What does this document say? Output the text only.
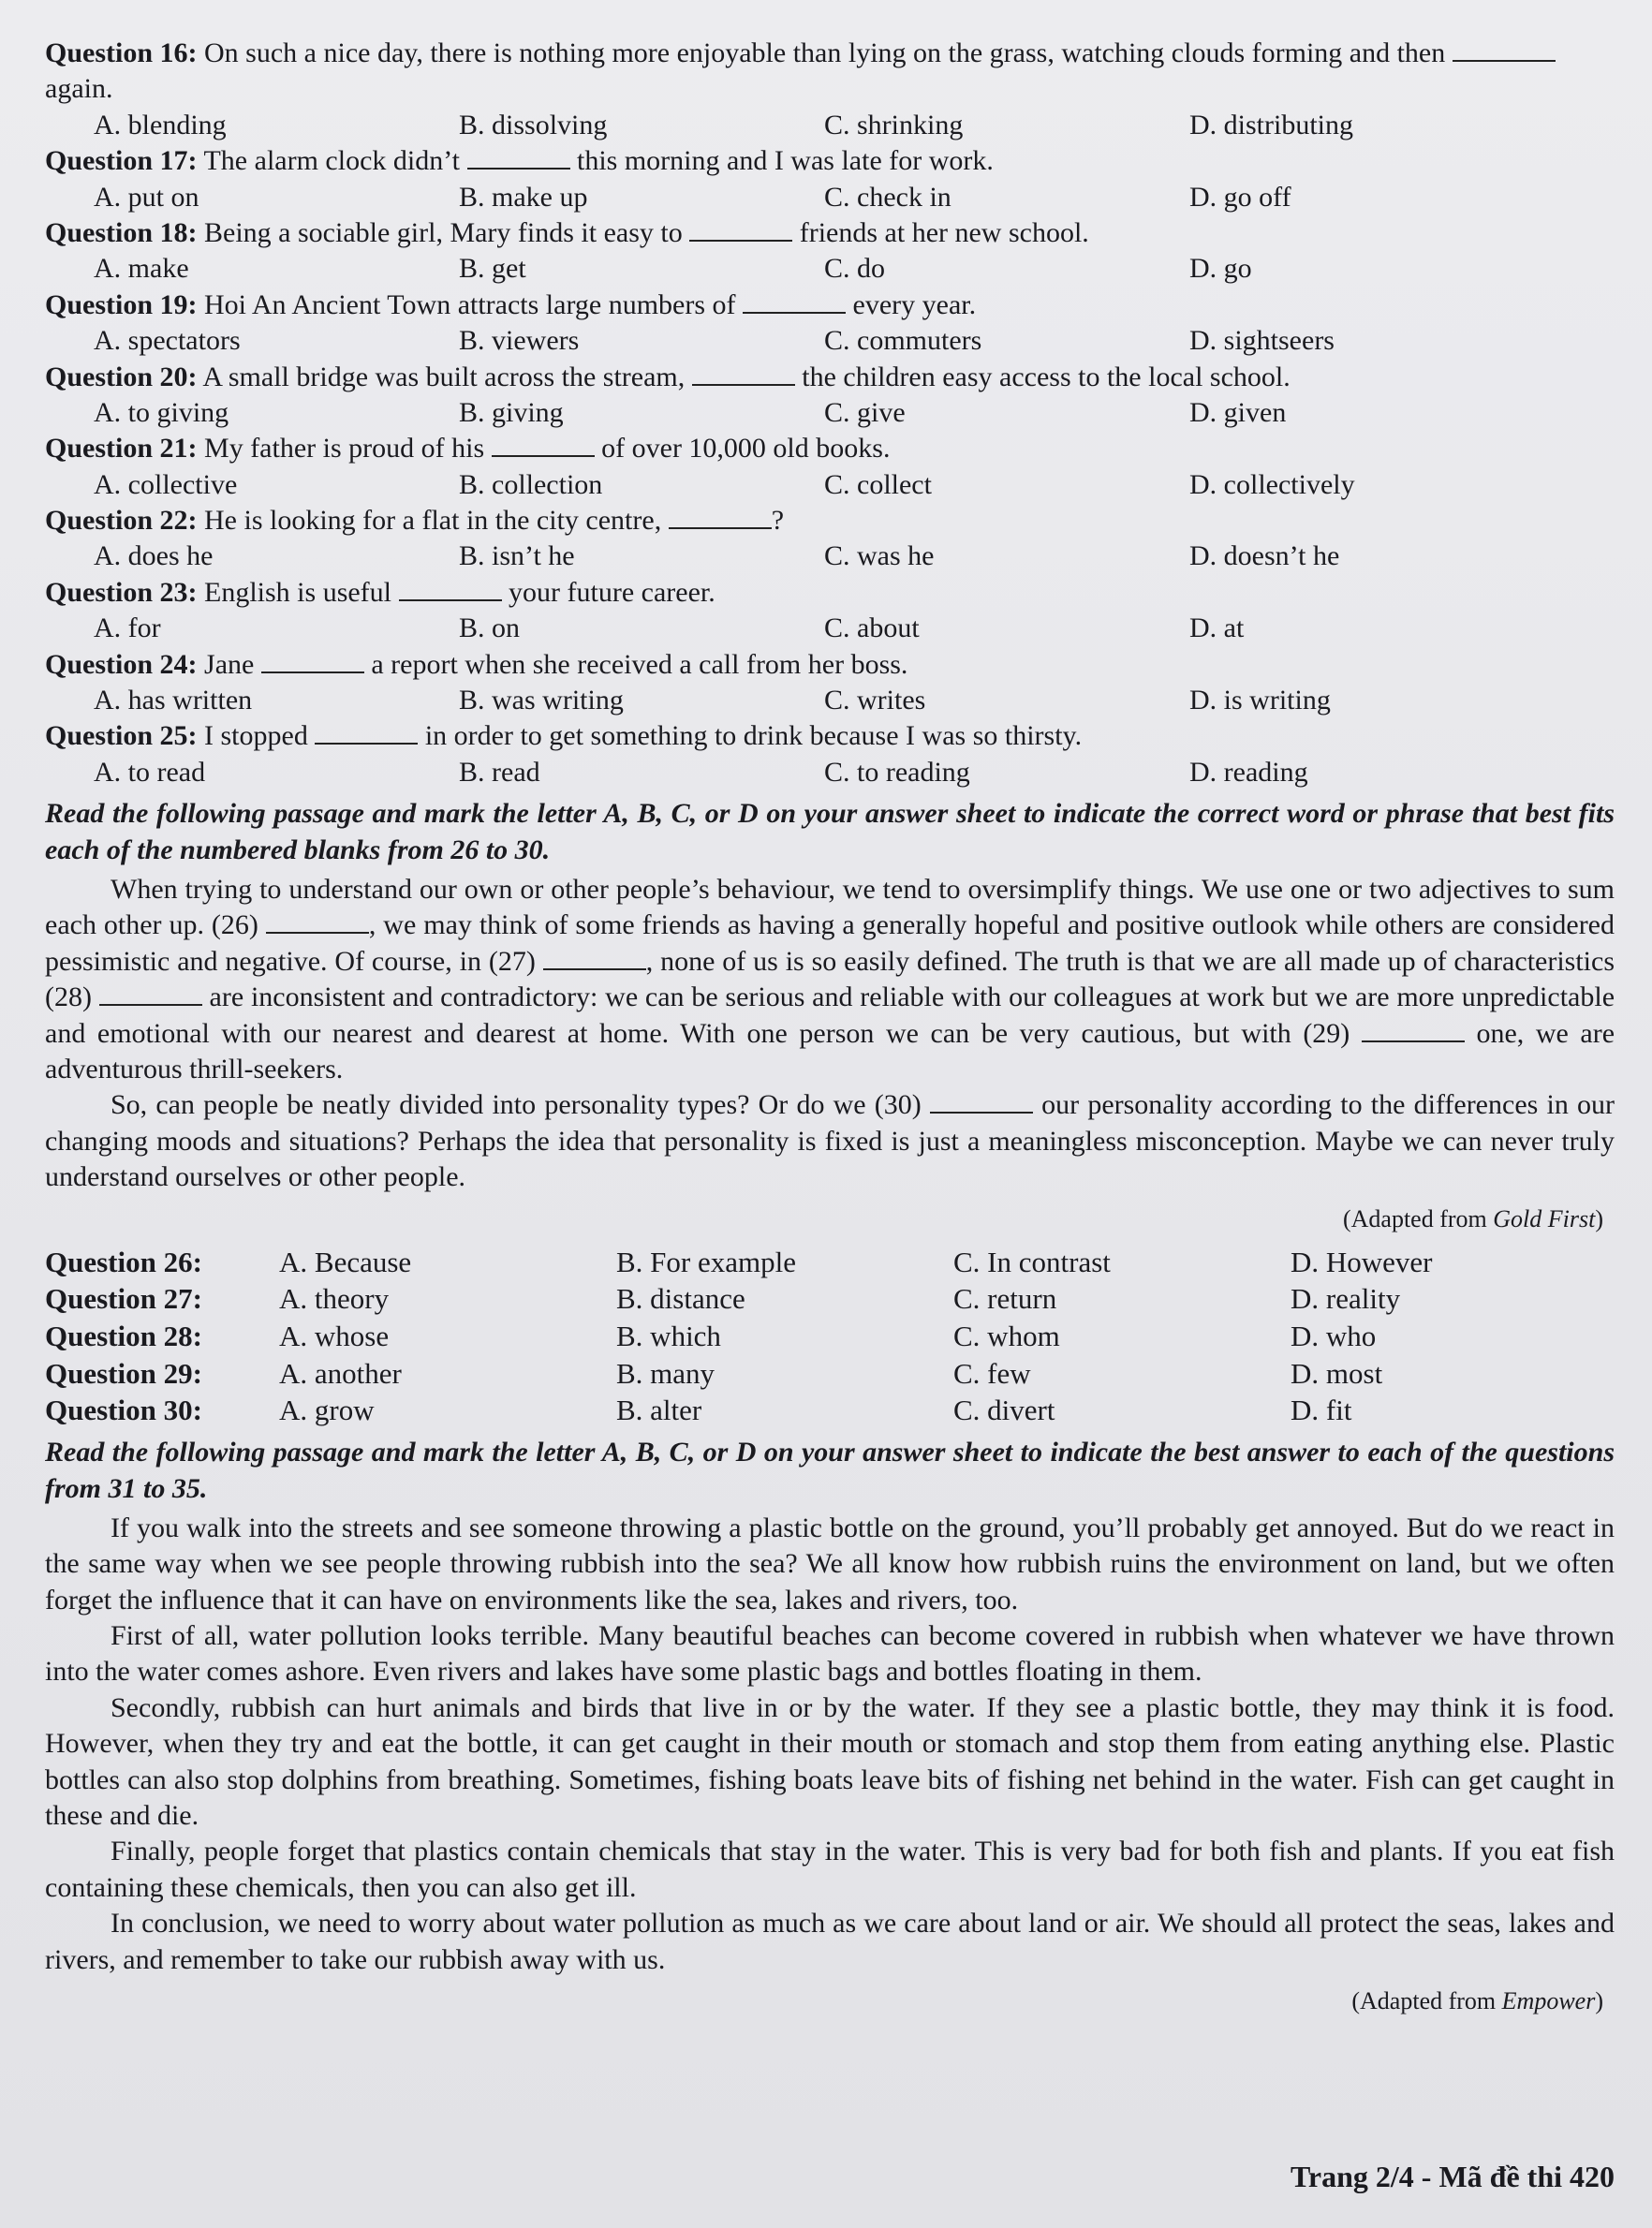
Question 16: On such a nice day, there is nothing more enjoyable than lying on the grass, watching clouds forming and then  again.
A. blending	B. dissolving	C. shrinking	D. distributing
Question 17: The alarm clock didn’t	this morning and I was late for work.
A. put on	B. make up	C. check in	D. go off
Question 18: Being a sociable girl, Mary finds it easy to	friends at her new school.
A. make	B. get	C. do	D. go
Question 19: Hoi An Ancient Town attracts large numbers of	every year.
A. spectators	B. viewers	C. commuters	D. sightseers
Question 20: A small bridge was built across the stream,	the children easy access to the local school.
A. to giving	B. giving	C. give	D. given
Question 21: My father is proud of his	of over 10,000 old books.
A. collective	B. collection	C. collect	D. collectively
Question 22: He is looking for a flat in the city centre,	?
A. does he	B. isn’t he	C. was he	D. doesn’t he
Question 23: English is useful	your future career.
A. for	B. on	C. about	D. at
Question 24: Jane	a report when she received a call from her boss.
A. has written	B. was writing	C. writes	D. is writing
Question 25: I stopped	in order to get something to drink because I was so thirsty.
A. to read	B. read	C. to reading	D. reading
Read the following passage and mark the letter A, B, C, or D on your answer sheet to indicate the correct word or phrase that best fits each of the numbered blanks from 26 to 30.

When trying to understand our own or other people’s behaviour, we tend to oversimplify things. We use one or two adjectives to sum each other up. (26)	, we may think of some friends as having a generally hopeful and positive outlook while others are considered pessimistic and negative. Of course, in (27)	, none of us is so easily defined. The truth is that we are all made up of characteristics (28)	are inconsistent and contradictory: we can be serious and reliable with our colleagues at work but we are more unpredictable and emotional with our nearest and dearest at home. With one person we can be very cautious, but with (29)	one, we are adventurous thrill-seekers.

So, can people be neatly divided into personality types? Or do we (30)	our personality according to the differences in our changing moods and situations? Perhaps the idea that personality is fixed is just a meaningless misconception. Maybe we can never truly understand ourselves or other people.

(Adapted from Gold First)
Question 26:	A. Because	B. For example	C. In contrast	D. However
Question 27:	A. theory	B. distance	C. return	D. reality
Question 28:	A. whose	B. which	C. whom	D. who
Question 29:	A. another	B. many	C. few	D. most
Question 30:	A. grow	B. alter	C. divert	D. fit
Read the following passage and mark the letter A, B, C, or D on your answer sheet to indicate the best answer to each of the questions from 31 to 35.

If you walk into the streets and see someone throwing a plastic bottle on the ground, you’ll probably get annoyed. But do we react in the same way when we see people throwing rubbish into the sea? We all know how rubbish ruins the environment on land, but we often forget the influence that it can have on environments like the sea, lakes and rivers, too.

First of all, water pollution looks terrible. Many beautiful beaches can become covered in rubbish when whatever we have thrown into the water comes ashore. Even rivers and lakes have some plastic bags and bottles floating in them.

Secondly, rubbish can hurt animals and birds that live in or by the water. If they see a plastic bottle, they may think it is food. However, when they try and eat the bottle, it can get caught in their mouth or stomach and stop them from eating anything else. Plastic bottles can also stop dolphins from breathing. Sometimes, fishing boats leave bits of fishing net behind in the water. Fish can get caught in these and die.

Finally, people forget that plastics contain chemicals that stay in the water. This is very bad for both fish and plants. If you eat fish containing these chemicals, then you can also get ill.

In conclusion, we need to worry about water pollution as much as we care about land or air. We should all protect the seas, lakes and rivers, and remember to take our rubbish away with us.

(Adapted from Empower)
Trang 2/4 - Mã đề thi 420
